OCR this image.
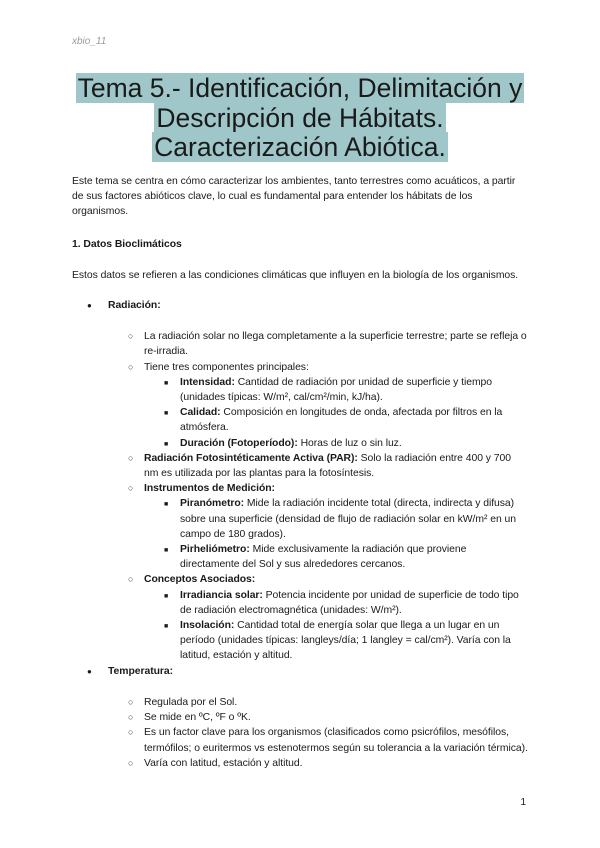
xbio_11
Tema 5.- Identificación, Delimitación y Descripción de Hábitats. Caracterización Abiótica.

Este tema se centra en cómo caracterizar los ambientes, tanto terrestres como acuáticos, a partir de sus factores abióticos clave, lo cual es fundamental para entender los hábitats de los organismos.

1. Datos Bioclimáticos

Estos datos se refieren a las condiciones climáticas que influyen en la biología de los organismos.

● Radiación:
○ La radiación solar no llega completamente a la superficie terrestre; parte se refleja o re-irradia.
○ Tiene tres componentes principales:
■ Intensidad: Cantidad de radiación por unidad de superficie y tiempo (unidades típicas: W/m², cal/cm²/min, kJ/ha).
■ Calidad: Composición en longitudes de onda, afectada por filtros en la atmósfera.
■ Duración (Fotoperíodo): Horas de luz o sin luz.
○ Radiación Fotosintéticamente Activa (PAR): Solo la radiación entre 400 y 700 nm es utilizada por las plantas para la fotosíntesis.
○ Instrumentos de Medición:
■ Piranómetro: Mide la radiación incidente total (directa, indirecta y difusa) sobre una superficie (densidad de flujo de radiación solar en kW/m² en un campo de 180 grados).
■ Pirheliómetro: Mide exclusivamente la radiación que proviene directamente del Sol y sus alrededores cercanos.
○ Conceptos Asociados:
■ Irradiancia solar: Potencia incidente por unidad de superficie de todo tipo de radiación electromagnética (unidades: W/m²).
■ Insolación: Cantidad total de energía solar que llega a un lugar en un período (unidades típicas: langleys/día; 1 langley = cal/cm²). Varía con la latitud, estación y altitud.
● Temperatura:
○ Regulada por el Sol.
○ Se mide en ºC, ºF o ºK.
○ Es un factor clave para los organismos (clasificados como psicrófilos, mesófilos, termófilos; o euritermos vs estenotermos según su tolerancia a la variación térmica).
○ Varía con latitud, estación y altitud.
1
